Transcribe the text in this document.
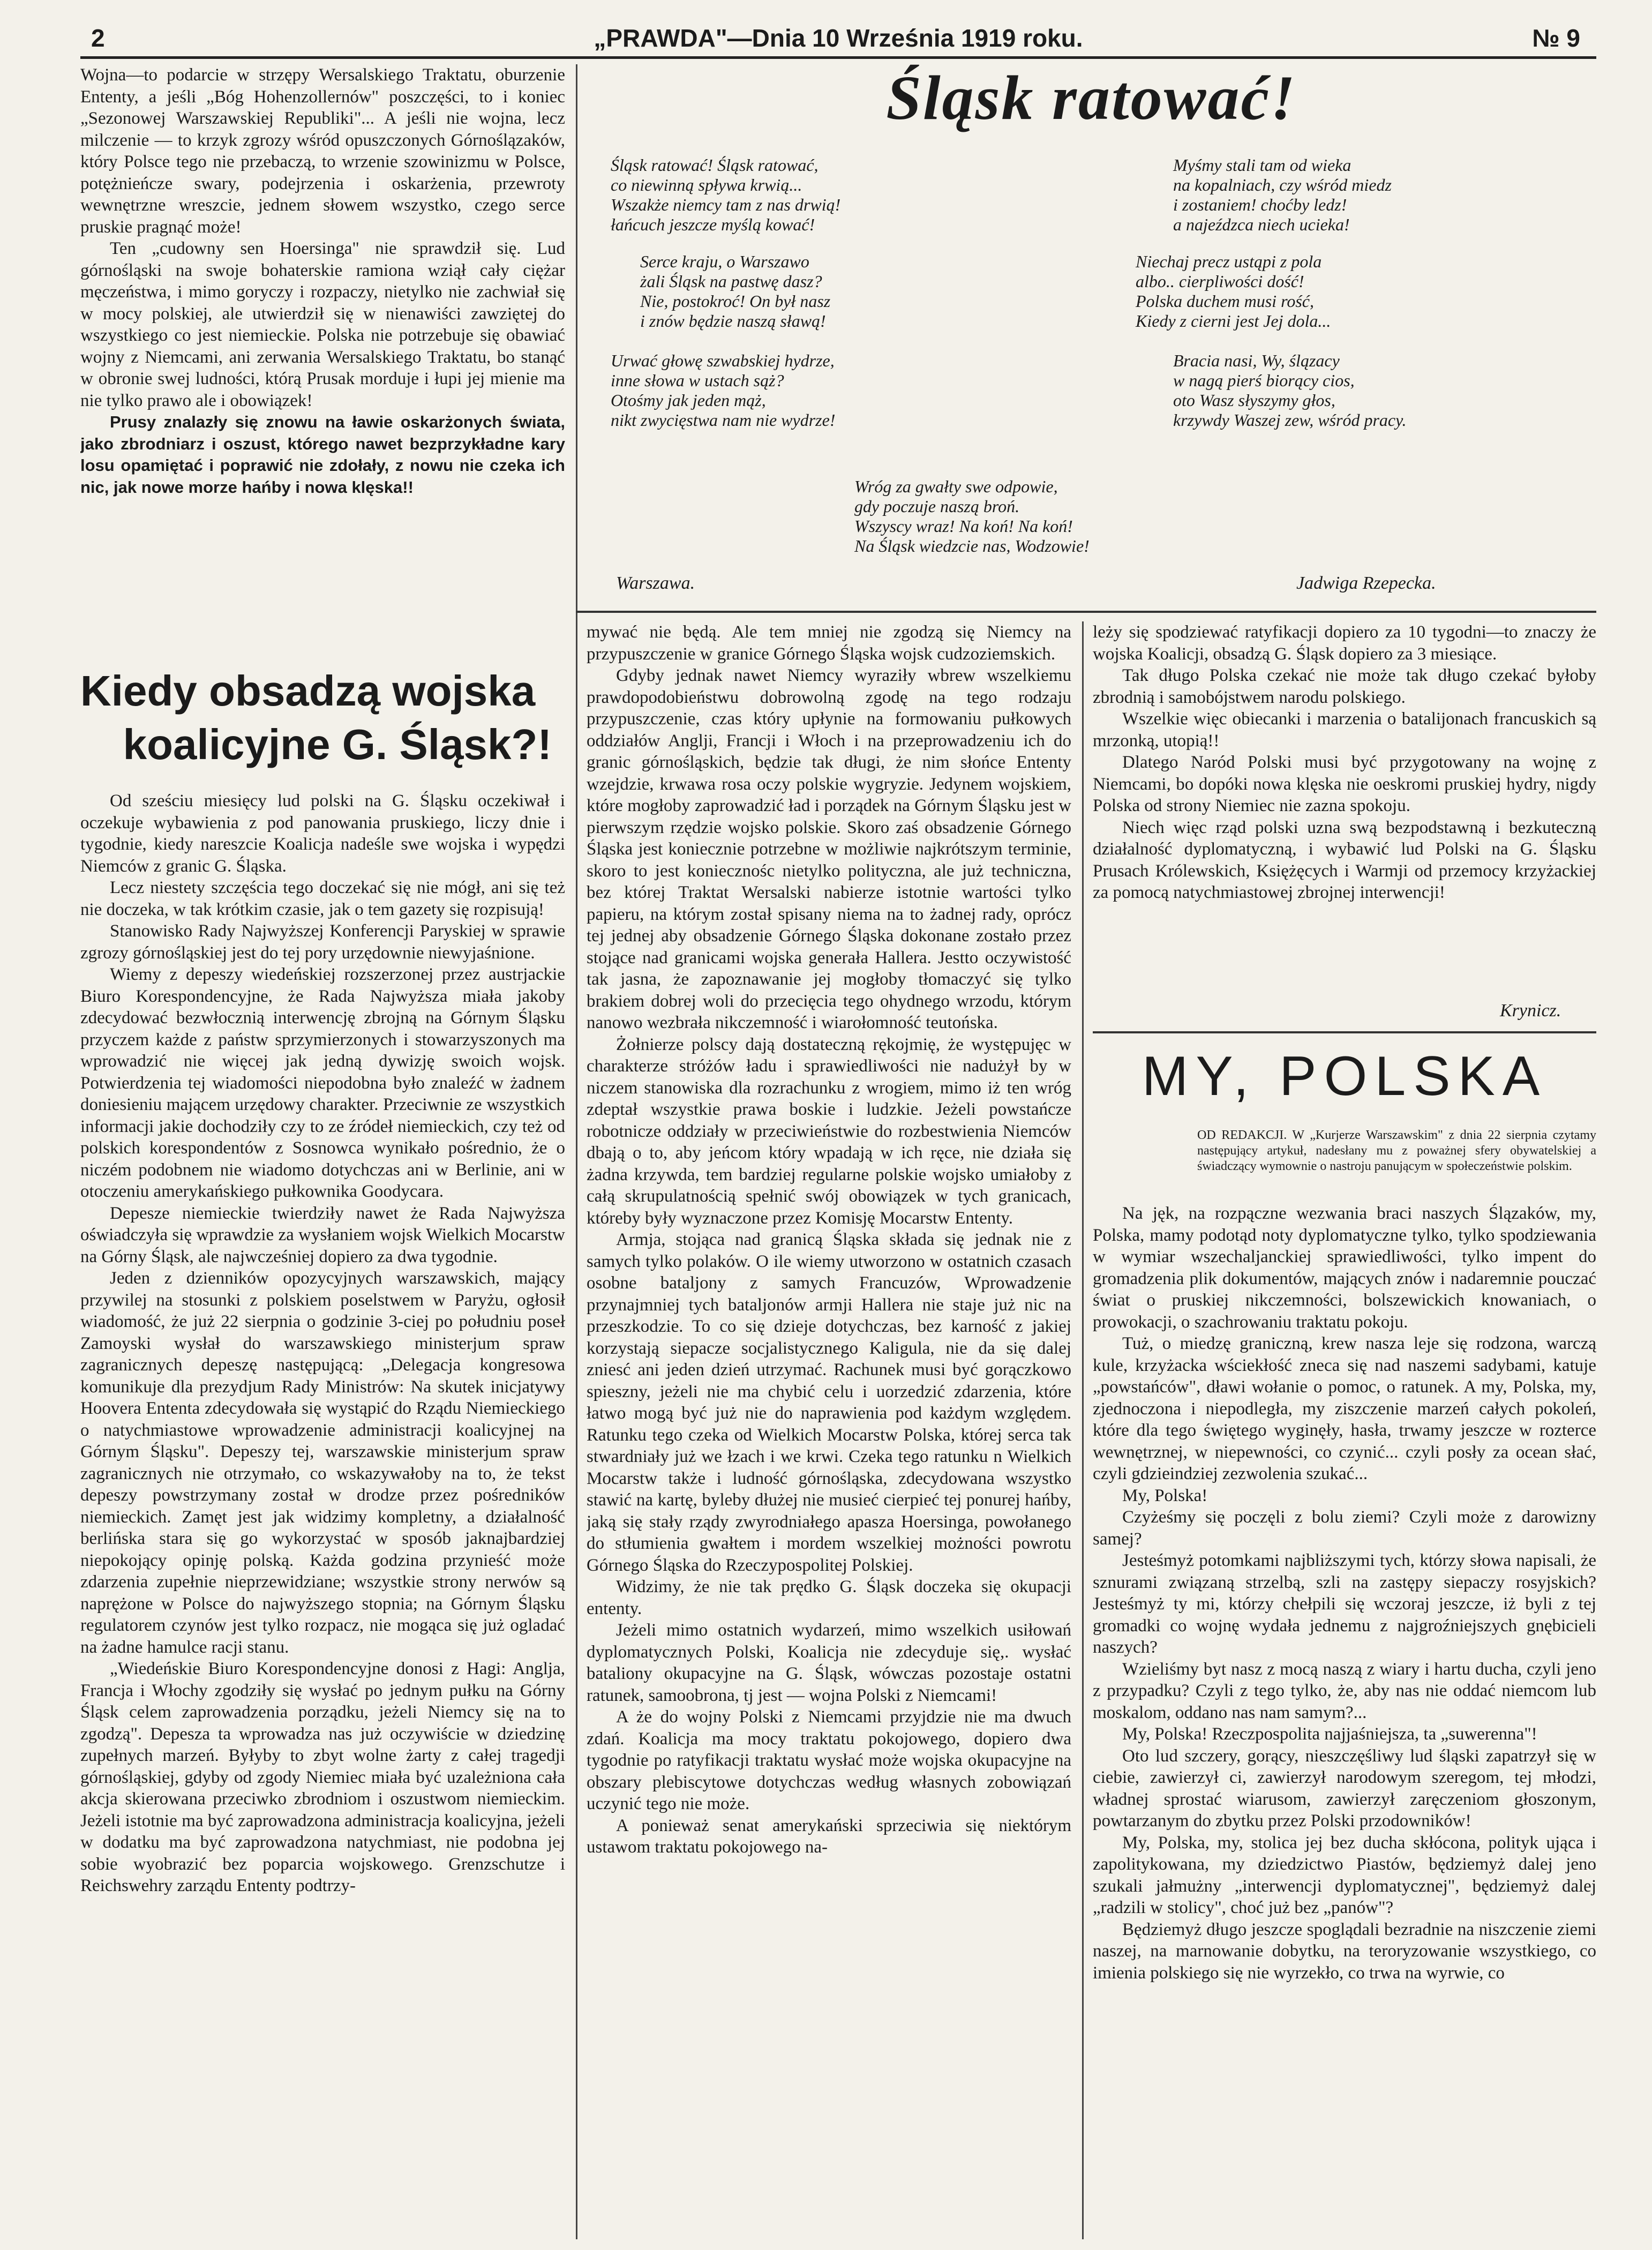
2	„PRAWDA"—Dnia 10 Września 1919 roku.	№ 9

Wojna—to podarcie w strzępy Wersalskiego Traktatu, oburzenie Ententy, a jeśli „Bóg Hohenzollernów" poszczęści, to i koniec „Sezonowej Warszawskiej Republiki"... A jeśli nie wojna, lecz milczenie — to krzyk zgrozy wśród opuszczonych Górnoślązaków, który Polsce tego nie przebaczą, to wrzenie szowinizmu w Polsce, potężnieńcze swary, podejrzenia i oskarżenia, przewroty wewnętrzne wreszcie, jednem słowem wszystko, czego serce pruskie pragnąć może!

Ten „cudowny sen Hoersinga" nie sprawdził się. Lud górnośląski na swoje bohaterskie ramiona wziął cały ciężar męczeństwa, i mimo goryczy i rozpaczy, nietylko nie zachwiał się w mocy polskiej, ale utwierdził się w nienawiści zawziętej do wszystkiego co jest niemieckie. Polska nie potrzebuje się obawiać wojny z Niemcami, ani zerwania Wersalskiego Traktatu, bo stanąć w obronie swej ludności, którą Prusak morduje i łupi jej mienie ma nie tylko prawo ale i obowiązek!

Prusy znalazły się znowu na ławie oskarżonych świata, jako zbrodniarz i oszust, którego nawet bezprzykładne kary losu opamiętać i poprawić nie zdołały, z nowu nie czeka ich nic, jak nowe morze hańby i nowa klęska!!

Śląsk ratować!
Śląsk ratować! Śląsk ratować,
co niewinną spływa krwią...
Wszakże niemcy tam z nas drwią!
łańcuch jeszcze myślą kować!
Serce kraju, o Warszawo
żali Śląsk na pastwę dasz?
Nie, postokroć! On był nasz
i znów będzie naszą sławą!
Urwać głowę szwabskiej hydrze,
inne słowa w ustach sąż?
Otośmy jak jeden mąż,
nikt zwycięstwa nam nie wydrze!
Myśmy stali tam od wieka
na kopalniach, czy wśród miedz
i zostaniem! choćby ledz!
a najeźdzca niech ucieka!
Niechaj precz ustąpi z pola
albo.. cierpliwości dość!
Polska duchem musi rość,
Kiedy z cierni jest Jej dola...
Bracia nasi, Wy, ślązacy
w nagą pierś biorący cios,
oto Wasz słyszymy głos,
krzywdy Waszej zew, wśród pracy.
Wróg za gwałty swe odpowie,
gdy poczuje naszą broń.
Wszyscy wraz! Na koń! Na koń!
Na Śląsk wiedzcie nas, Wodzowie!
Warszawa.	Jadwiga Rzepecka.
Kiedy obsadzą wojska
koalicyjne G. Śląsk?!

Od sześciu miesięcy lud polski na G. Śląsku oczekiwał i oczekuje wybawienia z pod panowania pruskiego, liczy dnie i tygodnie, kiedy nareszcie Koalicja nadeśle swe wojska i wypędzi Niemców z granic G. Śląska.

Lecz niestety szczęścia tego doczekać się nie mógł, ani się też nie doczeka, w tak krótkim czasie, jak o tem gazety się rozpisują!

Stanowisko Rady Najwyższej Konferencji Paryskiej w sprawie zgrozy górnośląskiej jest do tej pory urzędownie niewyjaśnione.

Wiemy z depeszy wiedeńskiej rozszerzonej przez austrjackie Biuro Korespondencyjne, że Rada Najwyższa miała jakoby zdecydować bezwłocznią interwencję zbrojną na Górnym Śląsku przyczem każde z państw sprzymierzonych i stowarzyszonych ma wprowadzić nie więcej jak jedną dywizję swoich wojsk. Potwierdzenia tej wiadomości niepodobna było znaleźć w żadnem doniesieniu mającem urzędowy charakter. Przeciwnie ze wszystkich informacji jakie dochodziły czy to ze źródeł niemieckich, czy też od polskich korespondentów z Sosnowca wynikało pośrednio, że o niczém podobnem nie wiadomo dotychczas ani w Berlinie, ani w otoczeniu amerykańskiego pułkownika Goodycara.

Depesze niemieckie twierdziły nawet że Rada Najwyższa oświadczyła się wprawdzie za wysłaniem wojsk Wielkich Mocarstw na Górny Śląsk, ale najwcześniej dopiero za dwa tygodnie.

Jeden z dzienników opozycyjnych warszawskich, mający przywilej na stosunki z polskiem poselstwem w Paryżu, ogłosił wiadomość, że już 22 sierpnia o godzinie 3-ciej po południu poseł Zamoyski wysłał do warszawskiego ministerjum spraw zagranicznych depeszę następującą: „Delegacja kongresowa komunikuje dla prezydjum Rady Ministrów: Na skutek inicjatywy Hoovera Ententa zdecydowała się wystąpić do Rządu Niemieckiego o natychmiastowe wprowadzenie administracji koalicyjnej na Górnym Śląsku". Depeszy tej, warszawskie ministerjum spraw zagranicznych nie otrzymało, co wskazywałoby na to, że tekst depeszy powstrzymany został w drodze przez pośredników niemieckich. Zamęt jest jak widzimy kompletny, a działalność berlińska stara się go wykorzystać w sposób jaknajbardziej niepokojący opinję polską. Każda godzina przynieść może zdarzenia zupełnie nieprzewidziane; wszystkie strony nerwów są naprężone w Polsce do najwyższego stopnia; na Górnym Śląsku regulatorem czynów jest tylko rozpacz, nie mogąca się już ogladać na żadne hamulce racji stanu.

„Wiedeńskie Biuro Korespondencyjne donosi z Hagi: Anglja, Francja i Włochy zgodziły się wysłać po jednym pułku na Górny Śląsk celem zaprowadzenia porządku, jeżeli Niemcy się na to zgodzą". Depesza ta wprowadza nas już oczywiście w dziedzinę zupełnych marzeń. Byłyby to zbyt wolne żarty z całej tragedji górnośląskiej, gdyby od zgody Niemiec miała być uzależniona cała akcja skierowana przeciwko zbrodniom i oszustwom niemieckim. Jeżeli istotnie ma być zaprowadzona administracja koalicyjna, jeżeli w dodatku ma być zaprowadzona natychmiast, nie podobna jej sobie wyobrazić bez poparcia wojskowego. Grenzschutze i Reichswehry zarządu Ententy podtrzy-

mywać nie będą. Ale tem mniej nie zgodzą się Niemcy na przypuszczenie w granice Górnego Śląska wojsk cudzoziemskich.

Gdyby jednak nawet Niemcy wyraziły wbrew wszelkiemu prawdopodobieństwu dobrowolną zgodę na tego rodzaju przypuszczenie, czas który upłynie na formowaniu pułkowych oddziałów Anglji, Francji i Włoch i na przeprowadzeniu ich do granic górnośląskich, będzie tak długi, że nim słońce Ententy wzejdzie, krwawa rosa oczy polskie wygryzie. Jedynem wojskiem, które mogłoby zaprowadzić ład i porządek na Górnym Śląsku jest w pierwszym rzędzie wojsko polskie. Skoro zaś obsadzenie Górnego Śląska jest koniecznie potrzebne w możliwie najkrótszym terminie, skoro to jest koniecznośc nietylko polityczna, ale już techniczna, bez której Traktat Wersalski nabierze istotnie wartości tylko papieru, na którym został spisany niema na to żadnej rady, oprócz tej jednej aby obsadzenie Górnego Śląska dokonane zostało przez stojące nad granicami wojska generała Hallera. Jestto oczywistość tak jasna, że zapoznawanie jej mogłoby tłomaczyć się tylko brakiem dobrej woli do przecięcia tego ohydnego wrzodu, którym nanowo wezbrała nikczemność i wiarołomność teutońska.

Żołnierze polscy dają dostateczną rękojmię, że występujęc w charakterze stróżów ładu i sprawiedliwości nie nadużył by w niczem stanowiska dla rozrachunku z wrogiem, mimo iż ten wróg zdeptał wszystkie prawa boskie i ludzkie. Jeżeli powstańcze robotnicze oddziały w przeciwieństwie do rozbestwienia Niemców dbają o to, aby jeńcom który wpadają w ich ręce, nie działa się żadna krzywda, tem bardziej regularne polskie wojsko umiałoby z całą skrupulatnością spełnić swój obowiązek w tych granicach, któreby były wyznaczone przez Komisję Mocarstw Ententy.

Armja, stojąca nad granicą Śląska składa się jednak nie z samych tylko polaków. O ile wiemy utworzono w ostatnich czasach osobne bataljony z samych Francuzów, Wprowadzenie przynajmniej tych bataljonów armji Hallera nie staje już nic na przeszkodzie. To co się dzieje dotychczas, bez karność z jakiej korzystają siepacze socjalistycznego Kaligula, nie da się dalej zniesć ani jeden dzień utrzymać. Rachunek musi być gorączkowo spieszny, jeżeli nie ma chybić celu i uorzedzić zdarzenia, które łatwo mogą być już nie do naprawienia pod każdym względem. Ratunku tego czeka od Wielkich Mocarstw Polska, której serca tak stwardniały już we łzach i we krwi. Czeka tego ratunku n Wielkich Mocarstw także i ludność górnośląska, zdecydowana wszystko stawić na kartę, byleby dłużej nie musieć cierpieć tej ponurej hańby, jaką się stały rządy zwyrodniałego apasza Hoersinga, powołanego do stłumienia gwałtem i mordem wszelkiej możności powrotu Górnego Śląska do Rzeczypospolitej Polskiej.

Widzimy, że nie tak prędko G. Śląsk doczeka się okupacji ententy.

Jeżeli mimo ostatnich wydarzeń, mimo wszelkich usiłowań dyplomatycznych Polski, Koalicja nie zdecyduje się,. wysłać bataliony okupacyjne na G. Śląsk, wówczas pozostaje ostatni ratunek, samoobrona, tj jest — wojna Polski z Niemcami!

A że do wojny Polski z Niemcami przyjdzie nie ma dwuch zdań. Koalicja ma mocy traktatu pokojowego, dopiero dwa tygodnie po ratyfikacji traktatu wysłać może wojska okupacyjne na obszary plebiscytowe dotychczas według własnych zobowiązań uczynić tego nie może.

A ponieważ senat amerykański sprzeciwia się niektórym ustawom traktatu pokojowego na-

leży się spodziewać ratyfikacji dopiero za 10 tygodni—to znaczy że wojska Koalicji, obsadzą G. Śląsk dopiero za 3 miesiące.

Tak długo Polska czekać nie może tak długo czekać byłoby zbrodnią i samobójstwem narodu polskiego.

Wszelkie więc obiecanki i marzenia o batalijonach francuskich są mrzonką, utopią!!

Dlatego Naród Polski musi być przygotowany na wojnę z Niemcami, bo dopóki nowa klęska nie oeskromi pruskiej hydry, nigdy Polska od strony Niemiec nie zazna spokoju.

Niech więc rząd polski uzna swą bezpodstawną i bezkuteczną działalność dyplomatyczną, i wybawić lud Polski na G. Śląsku Prusach Królewskich, Księżęcych i Warmji od przemocy krzyżackiej za pomocą natychmiastowej zbrojnej interwencji!

Krynicz.
MY, POLSKA
OD REDAKCJI. W „Kurjerze Warszawskim" z dnia 22 sierpnia czytamy następujący artykuł, nadesłany mu z poważnej sfery obywatelskiej a świadczący wymownie o nastroju panującym w społeczeństwie polskim.

Na jęk, na rozpączne wezwania braci naszych Ślązaków, my, Polska, mamy podotąd noty dyplomatyczne tylko, tylko spodziewania w wymiar wszechaljanckiej sprawiedliwości, tylko impent do gromadzenia plik dokumentów, mających znów i nadaremnie pouczać świat o pruskiej nikczemności, bolszewickich knowaniach, o prowokacji, o szachrowaniu traktatu pokoju.

Tuż, o miedzę graniczną, krew nasza leje się rodzona, warczą kule, krzyżacka wściekłość zneca się nad naszemi sadybami, katuje „powstańców", dławi wołanie o pomoc, o ratunek. A my, Polska, my, zjednoczona i niepodległa, my ziszczenie marzeń całych pokoleń, które dla tego świętego wyginęły, hasła, trwamy jeszcze w rozterce wewnętrznej, w niepewności, co czynić... czyli posły za ocean słać, czyli gdzieindziej zezwolenia szukać...

My, Polska!

Czyżeśmy się poczęli z bolu ziemi? Czyli może z darowizny samej?

Jesteśmyż potomkami najbliższymi tych, którzy słowa napisali, że sznurami związaną strzelbą, szli na zastępy siepaczy rosyjskich? Jesteśmyż ty mi, którzy chełpili się wczoraj jeszcze, iż byli z tej gromadki co wojnę wydała jednemu z najgroźniejszych gnębicieli naszych?

Wzieliśmy byt nasz z mocą naszą z wiary i hartu ducha, czyli jeno z przypadku? Czyli z tego tylko, że, aby nas nie oddać niemcom lub moskalom, oddano nas nam samym?...

My, Polska! Rzeczpospolita najjaśniejsza, ta „suwerenna"!

Oto lud szczery, gorący, nieszczęśliwy lud śląski zapatrzył się w ciebie, zawierzył ci, zawierzył narodowym szeregom, tej młodzi, władnej sprostać wiarusom, zawierzył zaręczeniom głoszonym, powtarzanym do zbytku przez Polski przodowników!

My, Polska, my, stolica jej bez ducha skłócona, polityk ująca i zapolitykowana, my dziedzictwo Piastów, będziemyż dalej jeno szukali jałmużny „interwencji dyplomatycznej", będziemyż dalej „radzili w stolicy", choć już bez „panów"?

Będziemyż długo jeszcze spoglądali bezradnie na niszczenie ziemi naszej, na marnowanie dobytku, na teroryzowanie wszystkiego, co imienia polskiego się nie wyrzekło, co trwa na wyrwie, co
